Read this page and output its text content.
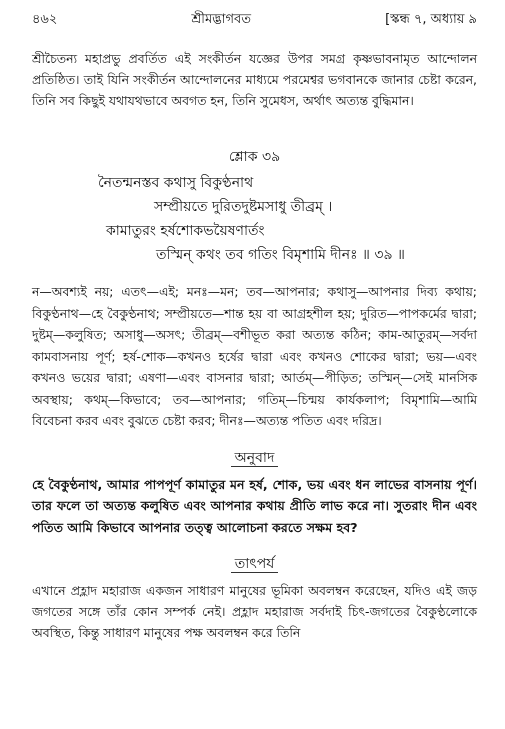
৪৬২	শ্রীমদ্ভাগবত	[স্কন্ধ ৭, অধ্যায় ৯

শ্রীচৈতন্য মহাপ্রভু প্রবর্তিত এই সংকীর্তন যজ্ঞের উপর সমগ্র কৃষ্ণভাবনামৃত আন্দোলন প্রতিষ্ঠিত। তাই যিনি সংকীর্তন আন্দোলনের মাধ্যমে পরমেশ্বর ভগবানকে জানার চেষ্টা করেন, তিনি সব কিছুই যথাযথভাবে অবগত হন, তিনি সুমেধস, অর্থাৎ অত্যন্ত বুদ্ধিমান।

শ্লোক ৩৯
নৈতন্মনস্তব কথাসু বিকুণ্ঠনাথ
সম্প্রীয়তে দুরিতদুষ্টমসাধু তীব্রম্‌ ।
কামাতুরং হর্ষশোকভয়ৈষণার্তং
তস্মিন্‌ কথং তব গতিং বিমৃশামি দীনঃ ॥ ৩৯ ॥

ন—অবশ্যই নয়; এতৎ—এই; মনঃ—মন; তব—আপনার; কথাসু—আপনার দিব্য কথায়; বিকুণ্ঠনাথ—হে বৈকুণ্ঠনাথ; সম্প্রীয়তে—শান্ত হয় বা আগ্রহশীল হয়; দুরিত—পাপকর্মের দ্বারা; দুষ্টম্‌—কলুষিত; অসাধু—অসৎ; তীব্রম্‌—বশীভূত করা অত্যন্ত কঠিন; কাম-আতুরম্‌—সর্বদা কামবাসনায় পূর্ণ; হর্ষ-শোক—কখনও হর্ষের দ্বারা এবং কখনও শোকের দ্বারা; ভয়—এবং কখনও ভয়ের দ্বারা; এষণা—এবং বাসনার দ্বারা; আর্তম্‌—পীড়িত; তস্মিন্‌—সেই মানসিক অবস্থায়; কথম্‌—কিভাবে; তব—আপনার; গতিম্‌—চিন্ময় কার্যকলাপ; বিমৃশামি—আমি বিবেচনা করব এবং বুঝতে চেষ্টা করব; দীনঃ—অত্যন্ত পতিত এবং দরিদ্র।

অনুবাদ

হে বৈকুণ্ঠনাথ, আমার পাপপূর্ণ কামাতুর মন হর্ষ, শোক, ভয় এবং ধন লাভের বাসনায় পূর্ণ। তার ফলে তা অত্যন্ত কলুষিত এবং আপনার কথায় প্রীতি লাভ করে না। সুতরাং দীন এবং পতিত আমি কিভাবে আপনার তত্ত্ব আলোচনা করতে সক্ষম হব?

তাৎপর্য

এখানে প্রহ্লাদ মহারাজ একজন সাধারণ মানুষের ভূমিকা অবলম্বন করেছেন, যদিও এই জড় জগতের সঙ্গে তাঁর কোন সম্পর্ক নেই। প্রহ্লাদ মহারাজ সর্বদাই চিৎ-জগতের বৈকুণ্ঠলোকে অবস্থিত, কিন্তু সাধারণ মানুষের পক্ষ অবলম্বন করে তিনি
